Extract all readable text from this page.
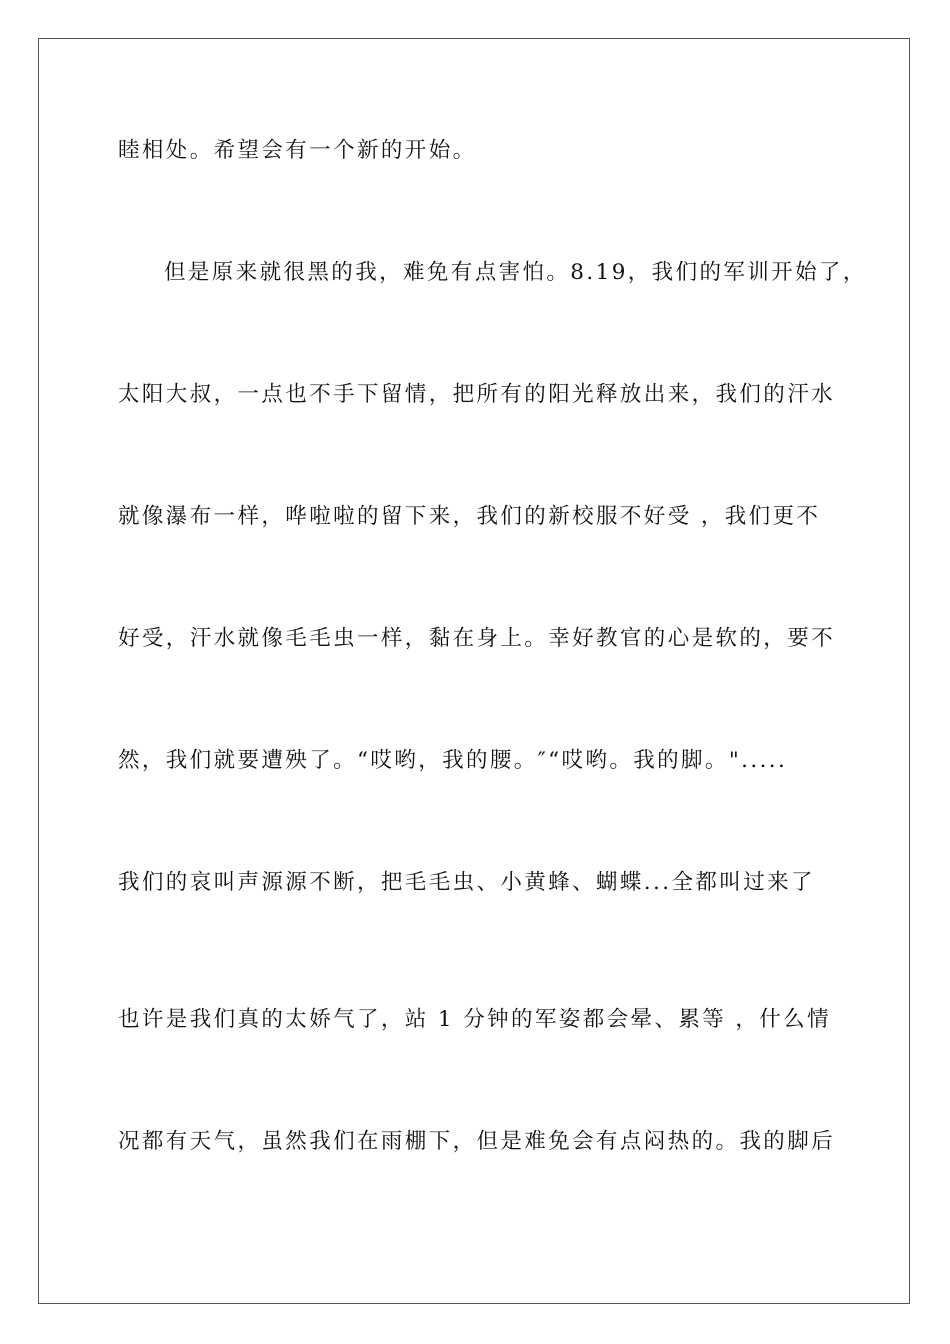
睦相处。希望会有一个新的开始。
但是原来就很黑的我，难免有点害怕。8.19，我们的军训开始了，
太阳大叔，一点也不手下留情，把所有的阳光释放出来，我们的汗水
就像瀑布一样，哗啦啦的留下来，我们的新校服不好受 ，我们更不
好受，汗水就像毛毛虫一样，黏在身上。幸好教官的心是软的，要不
然，我们就要遭殃了。“哎哟，我的腰。″“哎哟。我的脚。".....
我们的哀叫声源源不断，把毛毛虫、小黄蜂、蝴蝶...全都叫过来了
也许是我们真的太娇气了，站 1 分钟的军姿都会晕、累等 ，什么情
况都有天气，虽然我们在雨棚下，但是难免会有点闷热的。我的脚后
